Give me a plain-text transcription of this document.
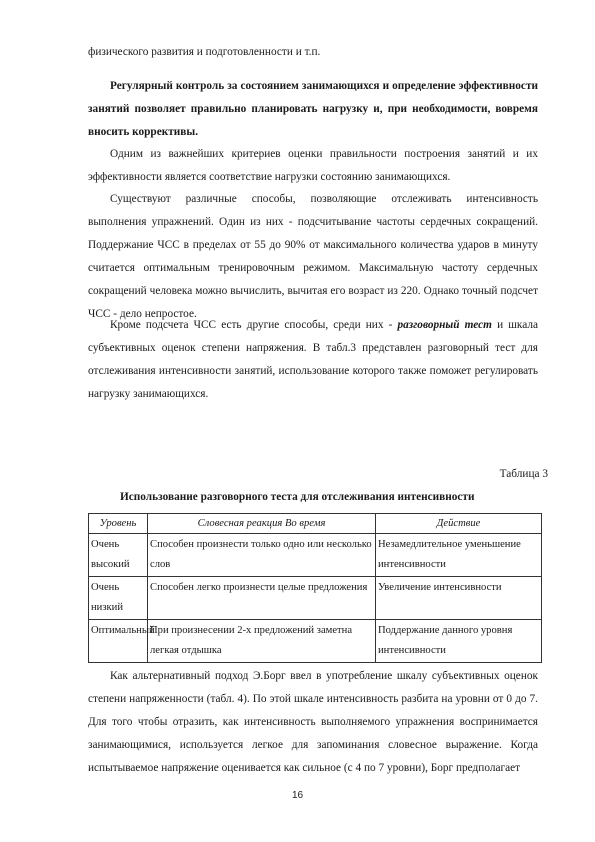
физического развития и подготовленности и т.п.

Регулярный контроль за состоянием занимающихся и определение эффективности занятий позволяет правильно планировать нагрузку и, при необходимости, вовремя вносить коррективы.

Одним из важнейших критериев оценки правильности построения занятий и их эффективности является соответствие нагрузки состоянию занимающихся.

Существуют различные способы, позволяющие отслеживать интенсивность выполнения упражнений. Один из них - подсчитывание частоты сердечных сокращений. Поддержание ЧСС в пределах от 55 до 90% от максимального количества ударов в минуту считается оптимальным тренировочным режимом. Максимальную частоту сердечных сокращений человека можно вычислить, вычитая его возраст из 220. Однако точный подсчет ЧСС - дело непростое.

Кроме подсчета ЧСС есть другие способы, среди них - разговорный тест и шкала субъективных оценок степени напряжения. В табл.3 представлен разговорный тест для отслеживания интенсивности занятий, использование которого также поможет регулировать нагрузку занимающихся.

Таблица 3
Использование разговорного теста для отслеживания интенсивности
Уровень	Словесная реакция Во время	Действие
Очень высокий	Способен произнести только одно или несколько слов	Незамедлительное уменьшение интенсивности
Очень низкий	Способен легко произнести целые предложения	Увеличение интенсивности
Оптимальный	При произнесении 2-х предложений заметна легкая отдышка	Поддержание данного уровня интенсивности

Как альтернативный подход Э.Борг ввел в употребление шкалу субъективных оценок степени напряженности (табл. 4). По этой шкале интенсивность разбита на уровни от 0 до 7. Для того чтобы отразить, как интенсивность выполняемого упражнения воспринимается занимающимися, используется легкое для запоминания словесное выражение. Когда испытываемое напряжение оценивается как сильное (с 4 по 7 уровни), Борг предполагает

16
